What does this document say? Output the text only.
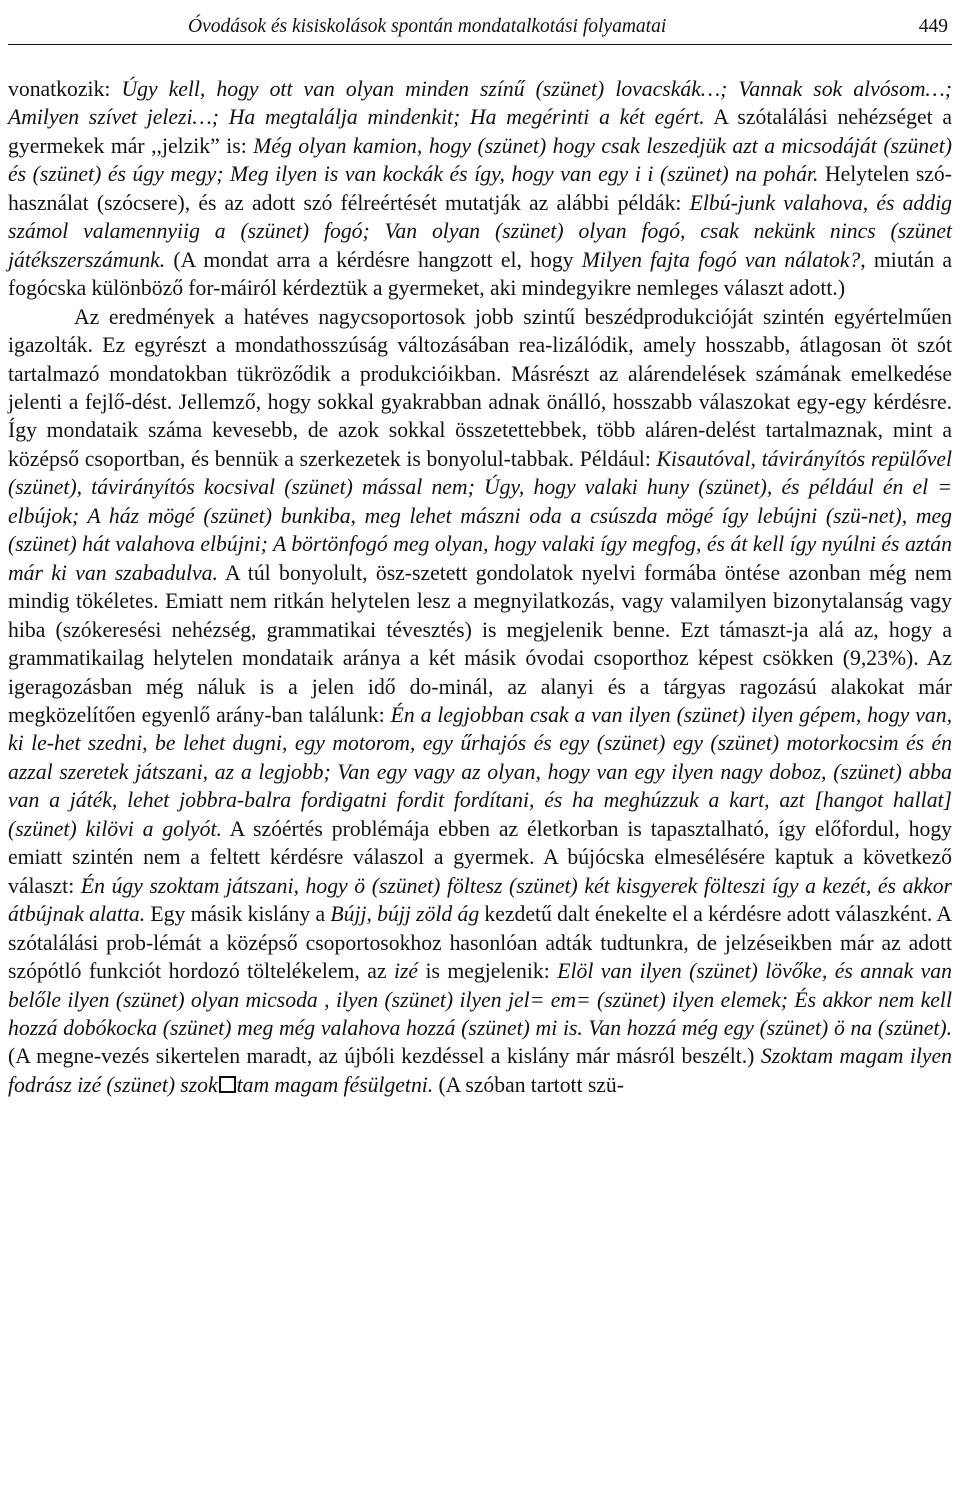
Óvodások és kisiskolások spontán mondatalkotási folyamatai	449

vonatkozik: Úgy kell, hogy ott van olyan minden színű (szünet) lovacskák…; Vannak sok alvósom…; Amilyen szívet jelezi…; Ha megtalálja mindenkit; Ha megérinti a két egért. A szótalálási nehézséget a gyermekek már ,,jelzik” is: Még olyan kamion, hogy (szünet) hogy csak leszedjük azt a micsodáját (szünet) és (szünet) és úgy megy; Meg ilyen is van kockák és így, hogy van egy i i (szünet) na pohár. Helytelen szó-használat (szócsere), és az adott szó félreértését mutatják az alábbi példák: Elbú-junk valahova, és addig számol valamennyiig a (szünet) fogó; Van olyan (szünet) olyan fogó, csak nekünk nincs (szünet játékszerszámunk. (A mondat arra a kérdésre hangzott el, hogy Milyen fajta fogó van nálatok?, miután a fogócska különböző for-máiról kérdeztük a gyermeket, aki mindegyikre nemleges választ adott.)

Az eredmények a hatéves nagycsoportosok jobb szintű beszédprodukcióját szintén egyértelműen igazolták. Ez egyrészt a mondathosszúság változásában rea-lizálódik, amely hosszabb, átlagosan öt szót tartalmazó mondatokban tükröződik a produkcióikban. Másrészt az alárendelések számának emelkedése jelenti a fejlő-dést. Jellemző, hogy sokkal gyakrabban adnak önálló, hosszabb válaszokat egy-egy kérdésre. Így mondataik száma kevesebb, de azok sokkal összetettebbek, több aláren-delést tartalmaznak, mint a középső csoportban, és bennük a szerkezetek is bonyolul-tabbak. Például: Kisautóval, távirányítós repülővel (szünet), távirányítós kocsival (szünet) mással nem; Úgy, hogy valaki huny (szünet), és például én el = elbújok; A ház mögé (szünet) bunkiba, meg lehet mászni oda a csúszda mögé így lebújni (szü-net), meg (szünet) hát valahova elbújni; A börtönfogó meg olyan, hogy valaki így megfog, és át kell így nyúlni és aztán már ki van szabadulva. A túl bonyolult, ösz-szetett gondolatok nyelvi formába öntése azonban még nem mindig tökéletes. Emiatt nem ritkán helytelen lesz a megnyilatkozás, vagy valamilyen bizonytalanság vagy hiba (szókeresési nehézség, grammatikai tévesztés) is megjelenik benne. Ezt támaszt-ja alá az, hogy a grammatikailag helytelen mondataik aránya a két másik óvodai csoporthoz képest csökken (9,23%). Az igeragozásban még náluk is a jelen idő do-minál, az alanyi és a tárgyas ragozású alakokat már megközelítően egyenlő arány-ban találunk: Én a legjobban csak a van ilyen (szünet) ilyen gépem, hogy van, ki le-het szedni, be lehet dugni, egy motorom, egy űrhajós és egy (szünet) egy (szünet) motorkocsim és én azzal szeretek játszani, az a legjobb; Van egy vagy az olyan, hogy van egy ilyen nagy doboz, (szünet) abba van a játék, lehet jobbra-balra fordigatni fordit fordítani, és ha meghúzzuk a kart, azt [hangot hallat] (szünet) kilövi a golyót. A szóértés problémája ebben az életkorban is tapasztalható, így előfordul, hogy emiatt szintén nem a feltett kérdésre válaszol a gyermek. A bújócska elmesélésére kaptuk a következő választ: Én úgy szoktam játszani, hogy ö (szünet) föltesz (szünet) két kisgyerek fölteszi így a kezét, és akkor átbújnak alatta. Egy másik kislány a Bújj, bújj zöld ág kezdetű dalt énekelte el a kérdésre adott válaszként. A szótalálási prob-lémát a középső csoportosokhoz hasonlóan adták tudtunkra, de jelzéseikben már az adott szópótló funkciót hordozó töltelékelem, az izé is megjelenik: Elöl van ilyen (szünet) lövőke, és annak van belőle ilyen (szünet) olyan micsoda , ilyen (szünet) ilyen jel= em= (szünet) ilyen elemek; És akkor nem kell hozzá dobókocka (szünet) meg még valahova hozzá (szünet) mi is. Van hozzá még egy (szünet) ö na (szünet). (A megne-vezés sikertelen maradt, az újbóli kezdéssel a kislány már másról beszélt.) Szoktam magam ilyen fodrász izé (szünet) szok tam magam fésülgetni. (A szóban tartott szü-
